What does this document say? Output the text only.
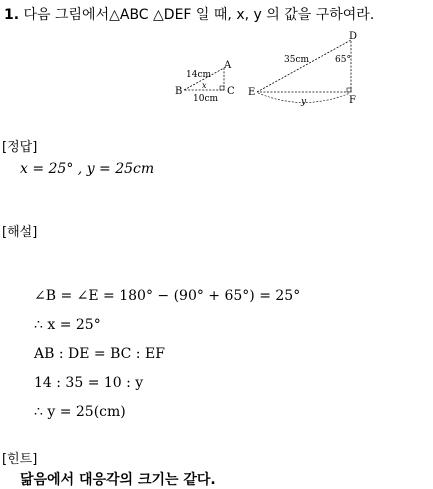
1. 다음 그림에서△ABC △DEF 일 때, x, y 의 값을 구하여라.
A
B	C
14cm
x
10cm
D
E
F
35cm	65°
y
[정답]
x = 25° , y = 25cm
[해설]
∠B = ∠E = 180° − (90° + 65°) = 25°
∴ x = 25°
AB : DE = BC : EF
14 : 35 = 10 : y
∴ y = 25(cm)
[힌트]
닮음에서 대응각의 크기는 같다.
